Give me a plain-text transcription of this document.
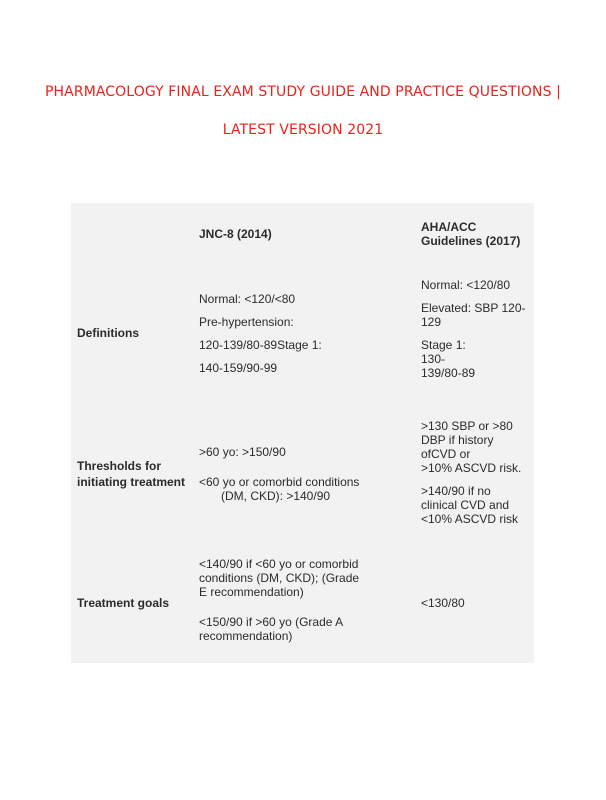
PHARMACOLOGY FINAL EXAM STUDY GUIDE AND PRACTICE QUESTIONS |
LATEST VERSION 2021
JNC-8 (2014)	AHA/ACC
Guidelines (2017)
Definitions
Normal: <120/<80
Pre-hypertension:
120-139/80-89Stage 1:
140-159/90-99
Normal: <120/80
Elevated: SBP 120-
129
Stage 1:
130-
139/80-89
Thresholds for
initiating treatment
>60 yo: >150/90
<60 yo or comorbid conditions
(DM, CKD): >140/90
>130 SBP or >80
DBP if history
ofCVD or
>10% ASCVD risk.
>140/90 if no
clinical CVD and
<10% ASCVD risk
Treatment goals
<140/90 if <60 yo or comorbid
conditions (DM, CKD); (Grade
E recommendation)
<150/90 if >60 yo (Grade A
recommendation)
<130/80
